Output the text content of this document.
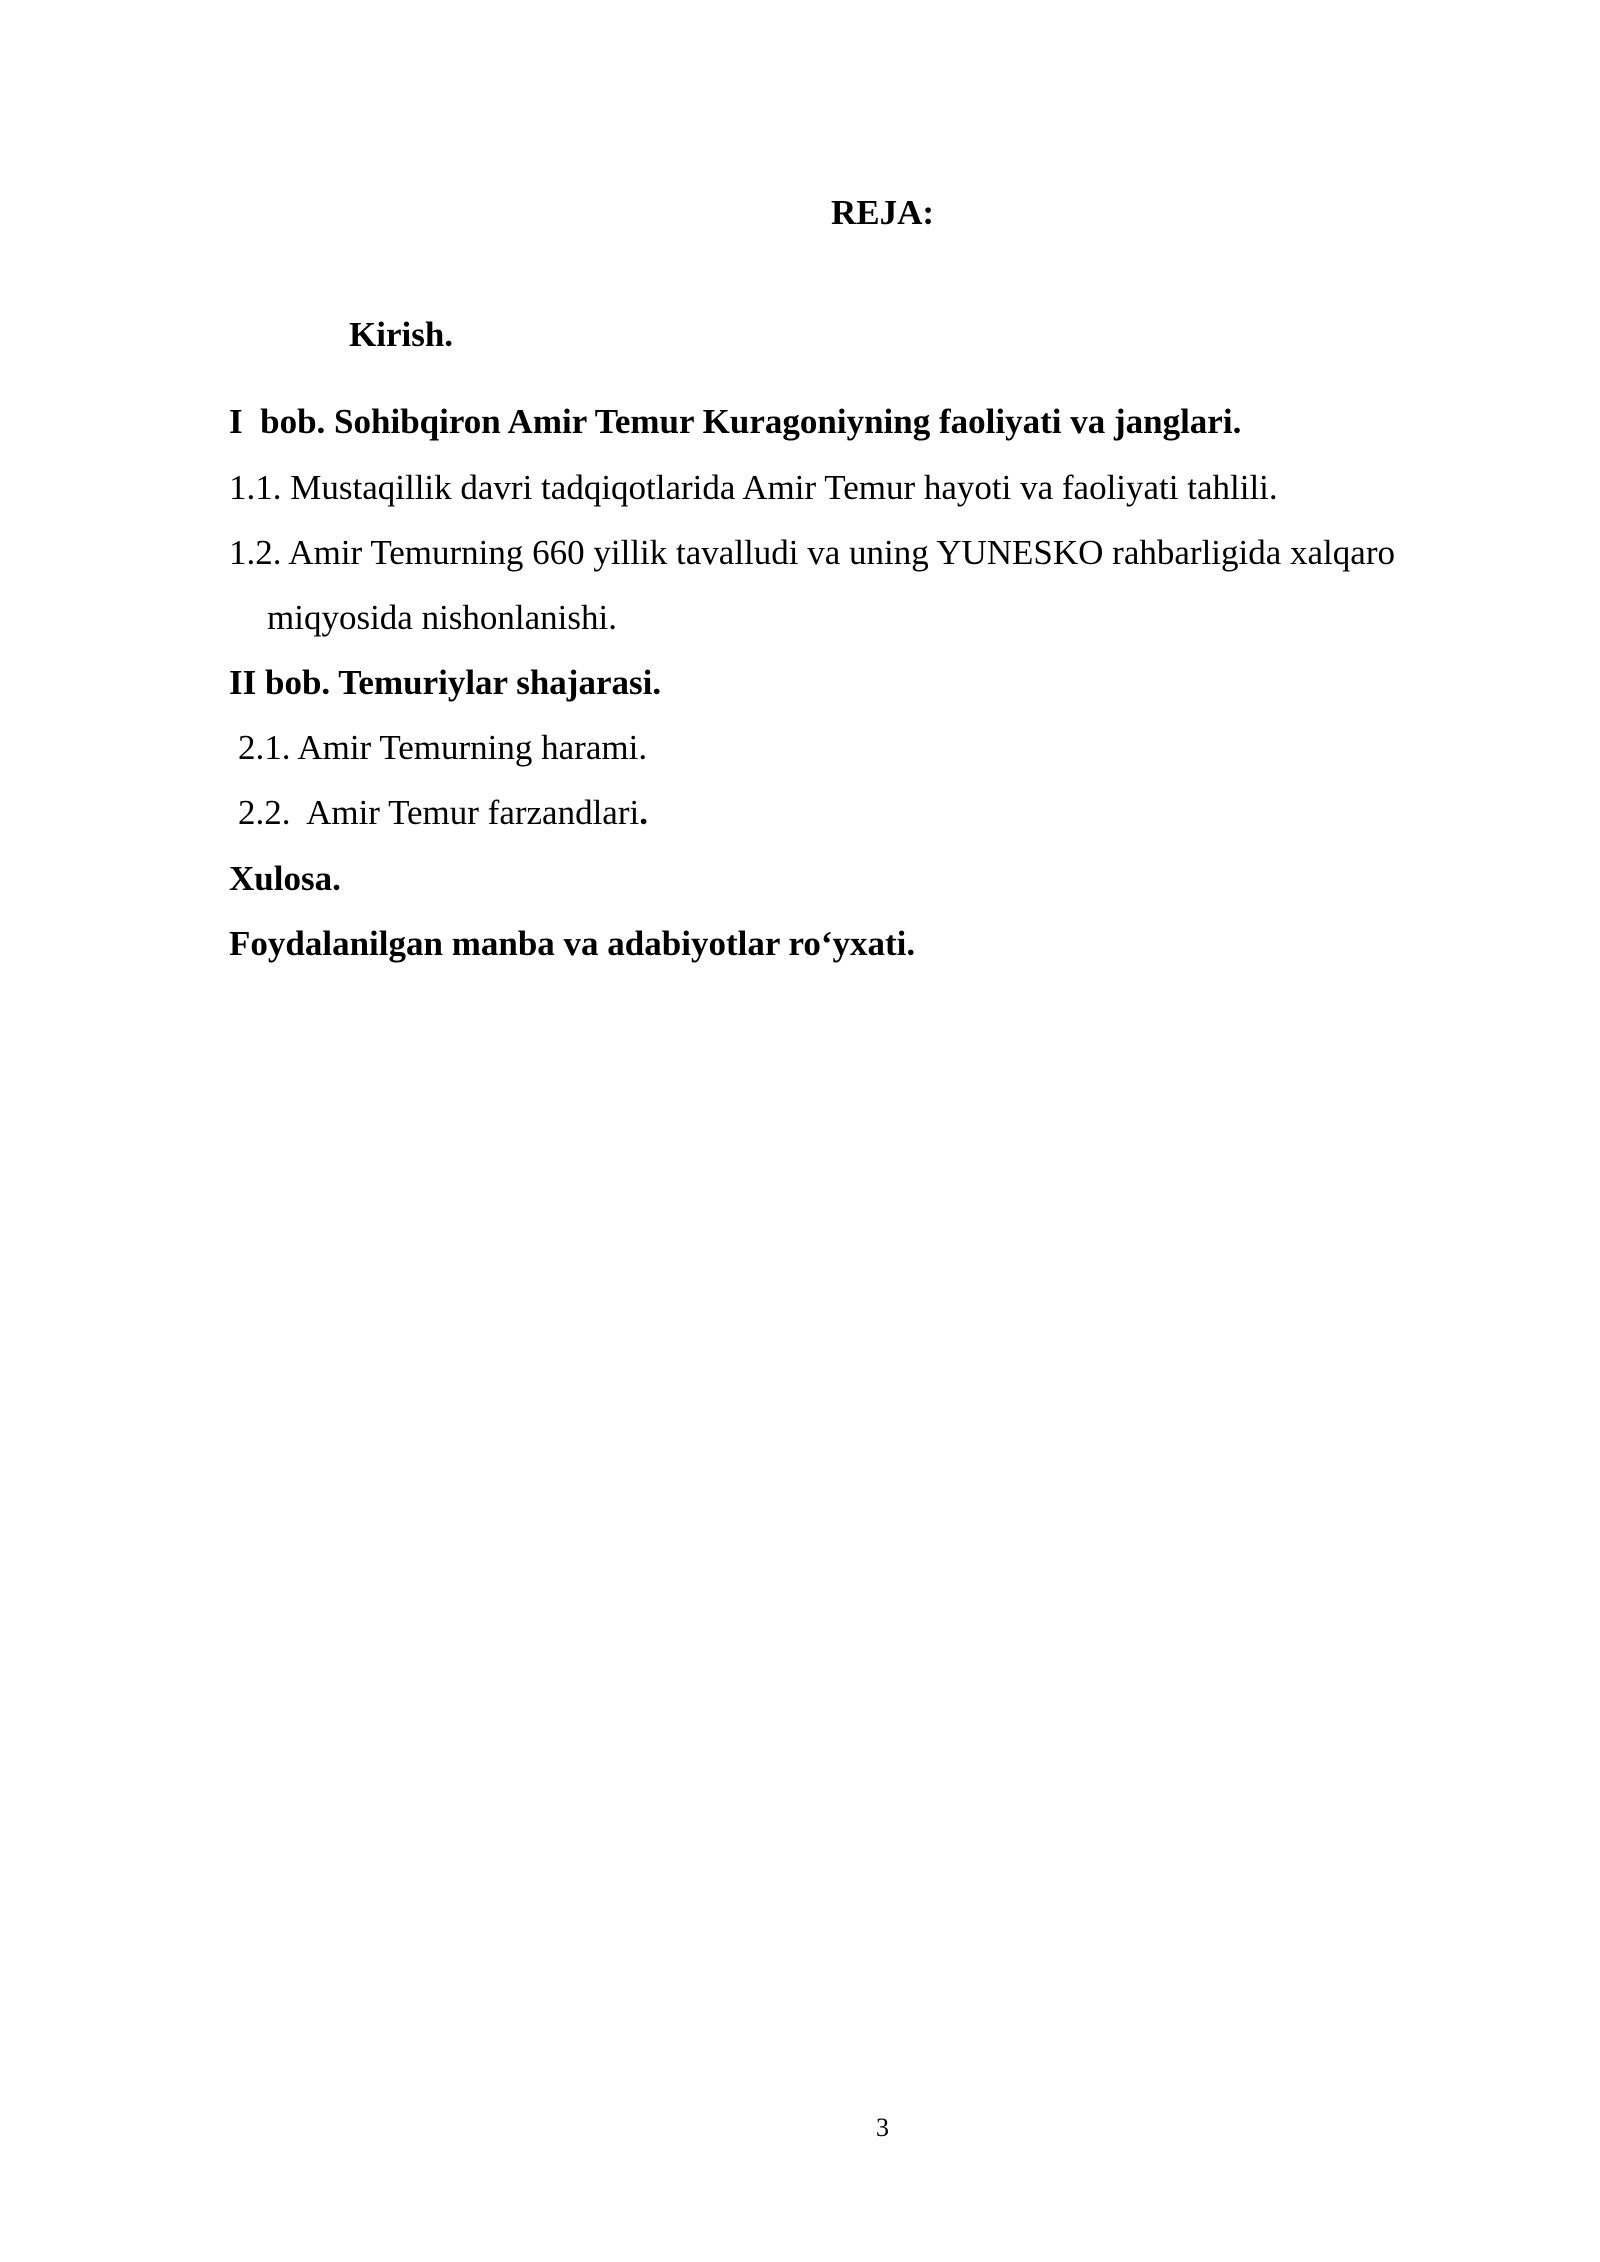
REJA:
Kirish.
I  bob. Sohibqiron Amir Temur Kuragoniyning faoliyati va janglari.
1.1. Mustaqillik davri tadqiqotlarida Amir Temur hayoti va faoliyati tahlili.
1.2. Amir Temurning 660 yillik tavalludi va uning YUNESKO rahbarligida xalqaro
miqyosida nishonlanishi.
II bob. Temuriylar shajarasi.
2.1. Amir Temurning harami.
2.2.  Amir Temur farzandlari.
Xulosa.
Foydalanilgan manba va adabiyotlar ro‘yxati.
3
